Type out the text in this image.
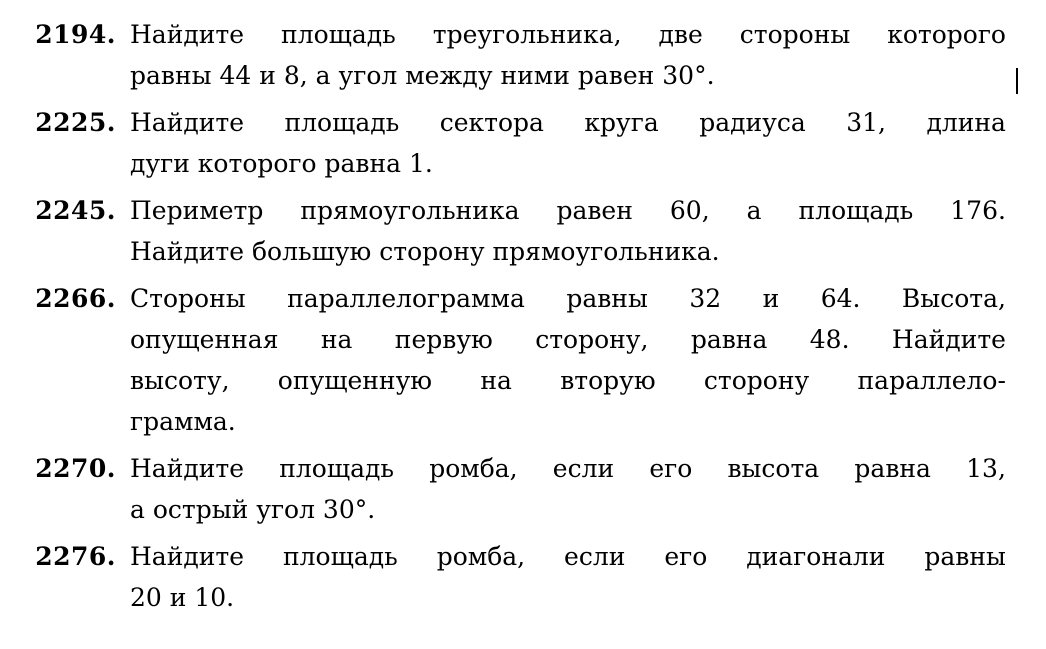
2194. Найдите площадь треугольника, две стороны которого
равны 44 и 8, а угол между ними равен 30°.
2225. Найдите площадь сектора круга радиуса 31, длина
дуги которого равна 1.
2245. Периметр прямоугольника равен 60, а площадь 176.
Найдите большую сторону прямоугольника.
2266. Стороны параллелограмма равны 32 и 64. Высота,
опущенная на первую сторону, равна 48. Найдите
высоту, опущенную на вторую сторону параллело-
грамма.
2270. Найдите площадь ромба, если его высота равна 13,
а острый угол 30°.
2276. Найдите площадь ромба, если его диагонали равны
20 и 10.
